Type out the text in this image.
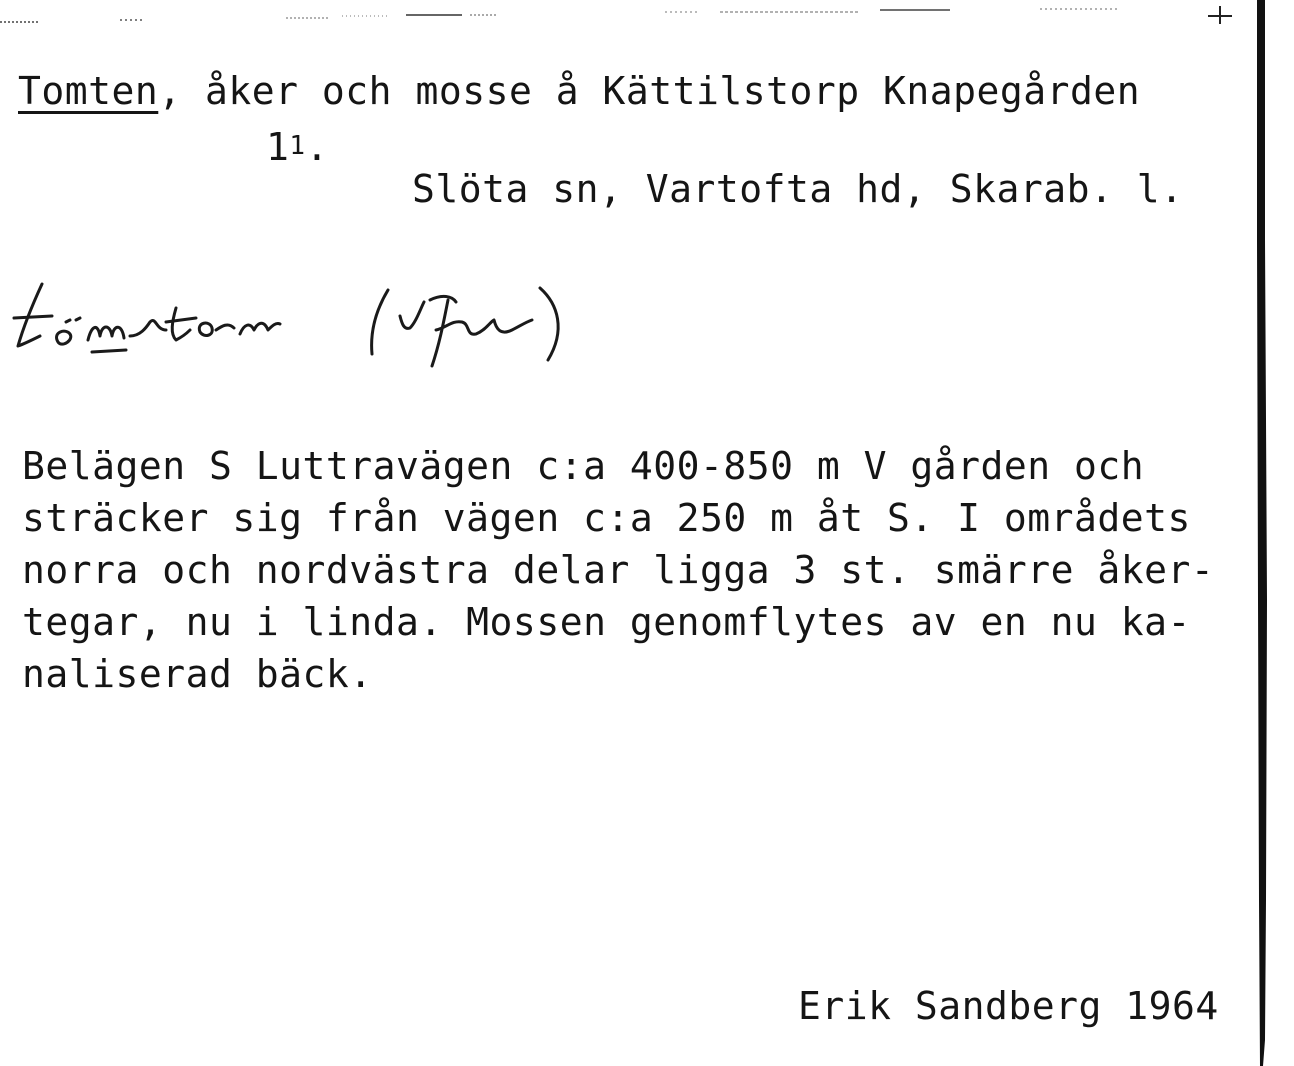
Tomten, åker och mosse å Kättilstorp Knapegården
$1^1$.
Slöta sn, Vartofta hd, Skarab. l.
Belägen S Luttravägen c:a 400-850 m V gården och
sträcker sig från vägen c:a 250 m åt S. I områdets
norra och nordvästra delar ligga 3 st. smärre åker-
tegar, nu i linda. Mossen genomflytes av en nu ka-
naliserad bäck.
Erik Sandberg 1964
